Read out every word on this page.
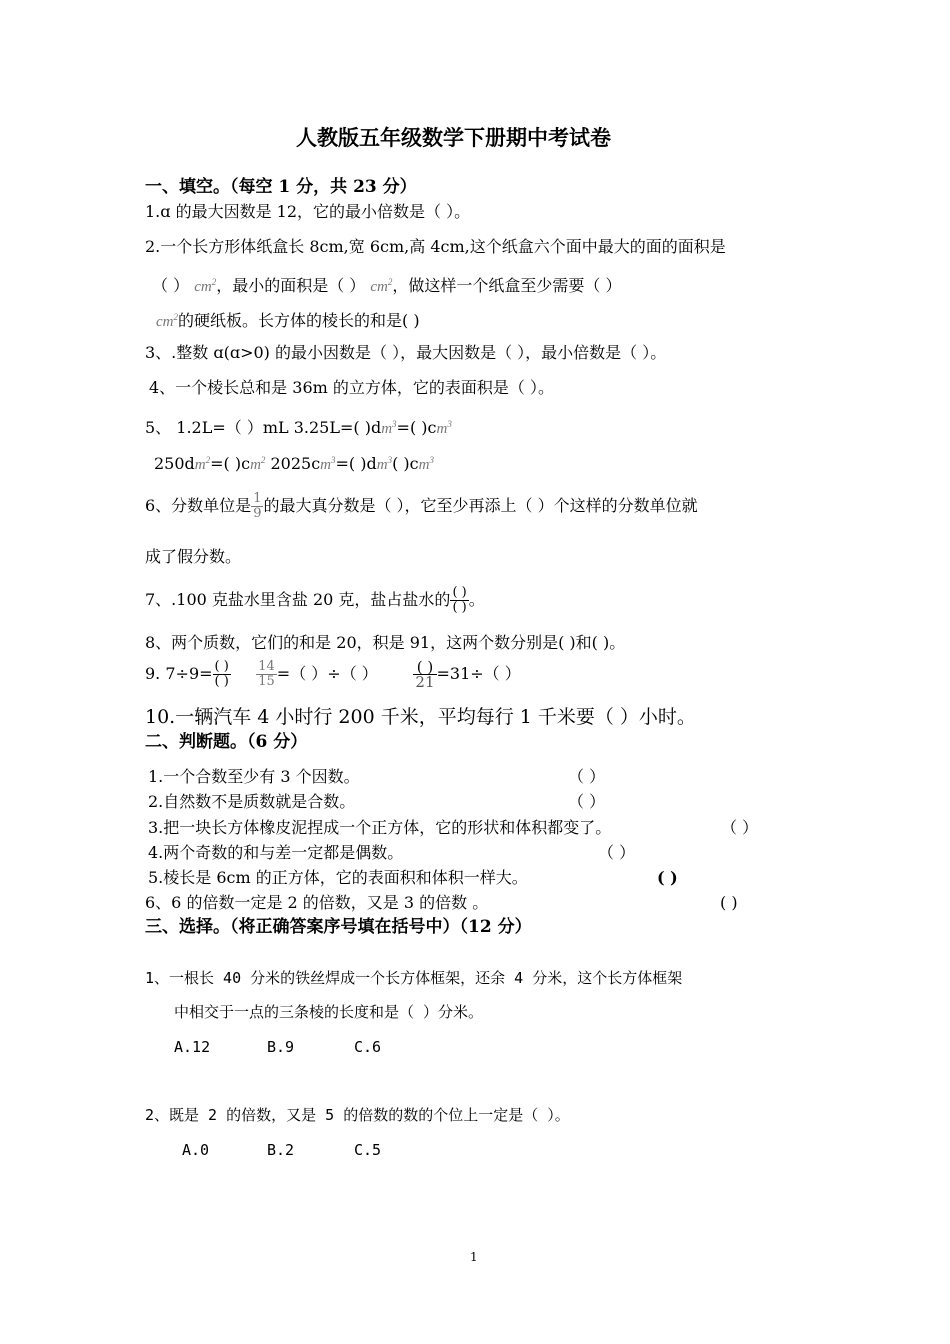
人教版五年级数学下册期中考试卷
一、填空。（每空 1 分，共 23 分）
1.ɑ 的最大因数是 12，它的最小倍数是（ ）。
2.一个长方形体纸盒长 8cm,宽 6cm,高 4cm,这个纸盒六个面中最大的面的面积是
（ ） $cm^2$，最小的面积是（ ） $cm^2$，做这样一个纸盒至少需要（ ）
$cm^2$的硬纸板。长方体的棱长的和是( )
3、.整数 ɑ(ɑ>0) 的最小因数是（ ），最大因数是（ ），最小倍数是（ ）。
4、一个棱长总和是 36m 的立方体，它的表面积是（ ）。
5、 1.2L=（ ）mL 3.25L=( )$dm^3=$( )$cm^3$
$250dm^2=$( )$cm^2$ $2025cm^3=$( )$dm^3$( )$cm^3$
6、分数单位是 $\frac{1}{9}$ 的最大真分数是（ ），它至少再添上（ ）个这样的分数单位就
成了假分数。
7、.100 克盐水里含盐 20 克，盐占盐水的 $\frac{( )}{( )}$ 。
8、两个质数，它们的和是 20，积是 91，这两个数分别是( )和( )。
9. $7\div 9= \frac{( )}{( )}$
$\frac{14}{15}$ =（ ）÷（ ） $\frac{( )}{21} =31\div$（ ）
10.一辆汽车 4 小时行 200 千米，平均每行 1 千米要（ ）小时。
二、判断题。（6 分）
1.一个合数至少有 3 个因数。	（ ）
2.自然数不是质数就是合数。	（ ）
3.把一块长方体橡皮泥捏成一个正方体，它的形状和体积都变了。	（ ）
4.两个奇数的和与差一定都是偶数。	（ ）
5.棱长是 6cm 的正方体，它的表面积和体积一样大。	( )
6、6 的倍数一定是 2 的倍数，又是 3 的倍数 。	( )
三、选择。（将正确答案序号填在括号中）（12 分）
1、一根长 40 分米的铁丝焊成一个长方体框架，还余 4 分米，这个长方体框架
中相交于一点的三条棱的长度和是（ ）分米。
A.12	B.9	C.6
2、既是 2 的倍数，又是 5 的倍数的数的个位上一定是（ ）。
A.0	B.2	C.5
1
